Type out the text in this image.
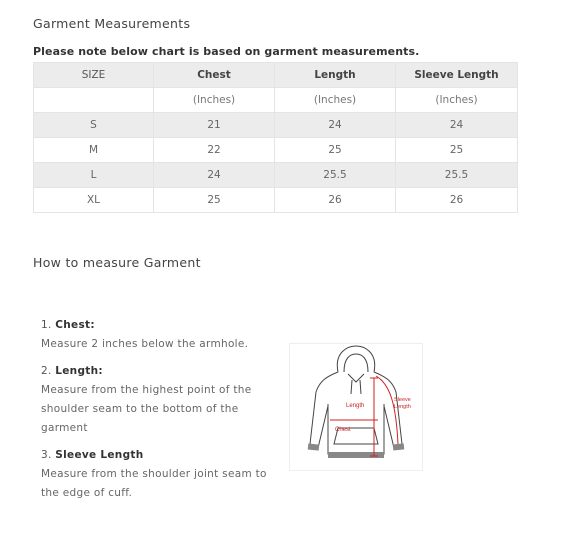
Garment Measurements
Please note below chart is based on garment measurements.
SIZE	Chest	Length	Sleeve Length
	(Inches)	(Inches)	(Inches)
S	21	24	24
M	22	25	25
L	24	25.5	25.5
XL	25	26	26
How to measure Garment
1. Chest:
Measure 2 inches below the armhole.
2. Length:
Measure from the highest point of the shoulder seam to the bottom of the garment
3. Sleeve Length
Measure from the shoulder joint seam to the edge of cuff.
Length
Chest
Sleeve
Length
